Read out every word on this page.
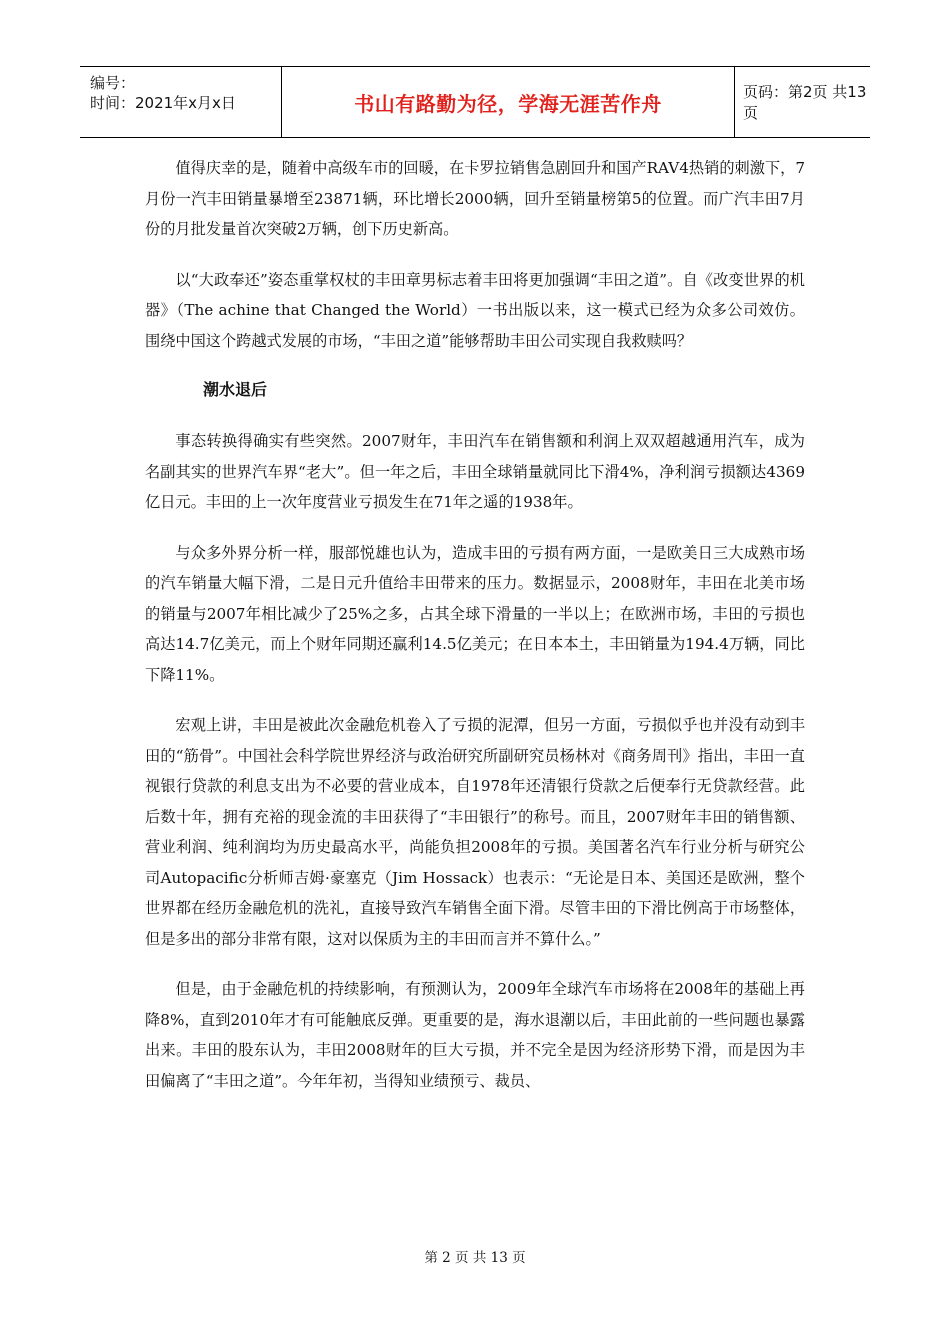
编号：
时间：2021年x月x日	书山有路勤为径，学海无涯苦作舟	页码：第2页 共13页

值得庆幸的是，随着中高级车市的回暖，在卡罗拉销售急剧回升和国产RAV4热销的刺激下，7月份一汽丰田销量暴增至23871辆，环比增长2000辆，回升至销量榜第5的位置。而广汽丰田7月份的月批发量首次突破2万辆，创下历史新高。

以“大政奉还”姿态重掌权杖的丰田章男标志着丰田将更加强调“丰田之道”。自《改变世界的机器》（The achine that Changed the World）一书出版以来，这一模式已经为众多公司效仿。围绕中国这个跨越式发展的市场，“丰田之道”能够帮助丰田公司实现自我救赎吗？

潮水退后

事态转换得确实有些突然。2007财年，丰田汽车在销售额和利润上双双超越通用汽车，成为名副其实的世界汽车界“老大”。但一年之后，丰田全球销量就同比下滑4%，净利润亏损额达4369亿日元。丰田的上一次年度营业亏损发生在71年之遥的1938年。

与众多外界分析一样，服部悦雄也认为，造成丰田的亏损有两方面，一是欧美日三大成熟市场的汽车销量大幅下滑，二是日元升值给丰田带来的压力。数据显示，2008财年，丰田在北美市场的销量与2007年相比减少了25%之多，占其全球下滑量的一半以上；在欧洲市场，丰田的亏损也高达14.7亿美元，而上个财年同期还赢利14.5亿美元；在日本本土，丰田销量为194.4万辆，同比下降11%。

宏观上讲，丰田是被此次金融危机卷入了亏损的泥潭，但另一方面，亏损似乎也并没有动到丰田的“筋骨”。中国社会科学院世界经济与政治研究所副研究员杨林对《商务周刊》指出，丰田一直视银行贷款的利息支出为不必要的营业成本，自1978年还清银行贷款之后便奉行无贷款经营。此后数十年，拥有充裕的现金流的丰田获得了“丰田银行”的称号。而且，2007财年丰田的销售额、营业利润、纯利润均为历史最高水平，尚能负担2008年的亏损。美国著名汽车行业分析与研究公司Autopacific分析师吉姆·豪塞克（Jim Hossack）也表示：“无论是日本、美国还是欧洲，整个世界都在经历金融危机的洗礼，直接导致汽车销售全面下滑。尽管丰田的下滑比例高于市场整体，但是多出的部分非常有限，这对以保质为主的丰田而言并不算什么。”

但是，由于金融危机的持续影响，有预测认为，2009年全球汽车市场将在2008年的基础上再降8%，直到2010年才有可能触底反弹。更重要的是，海水退潮以后，丰田此前的一些问题也暴露出来。丰田的股东认为，丰田2008财年的巨大亏损，并不完全是因为经济形势下滑，而是因为丰田偏离了“丰田之道”。今年年初，当得知业绩预亏、裁员、

第 2 页 共 13 页
